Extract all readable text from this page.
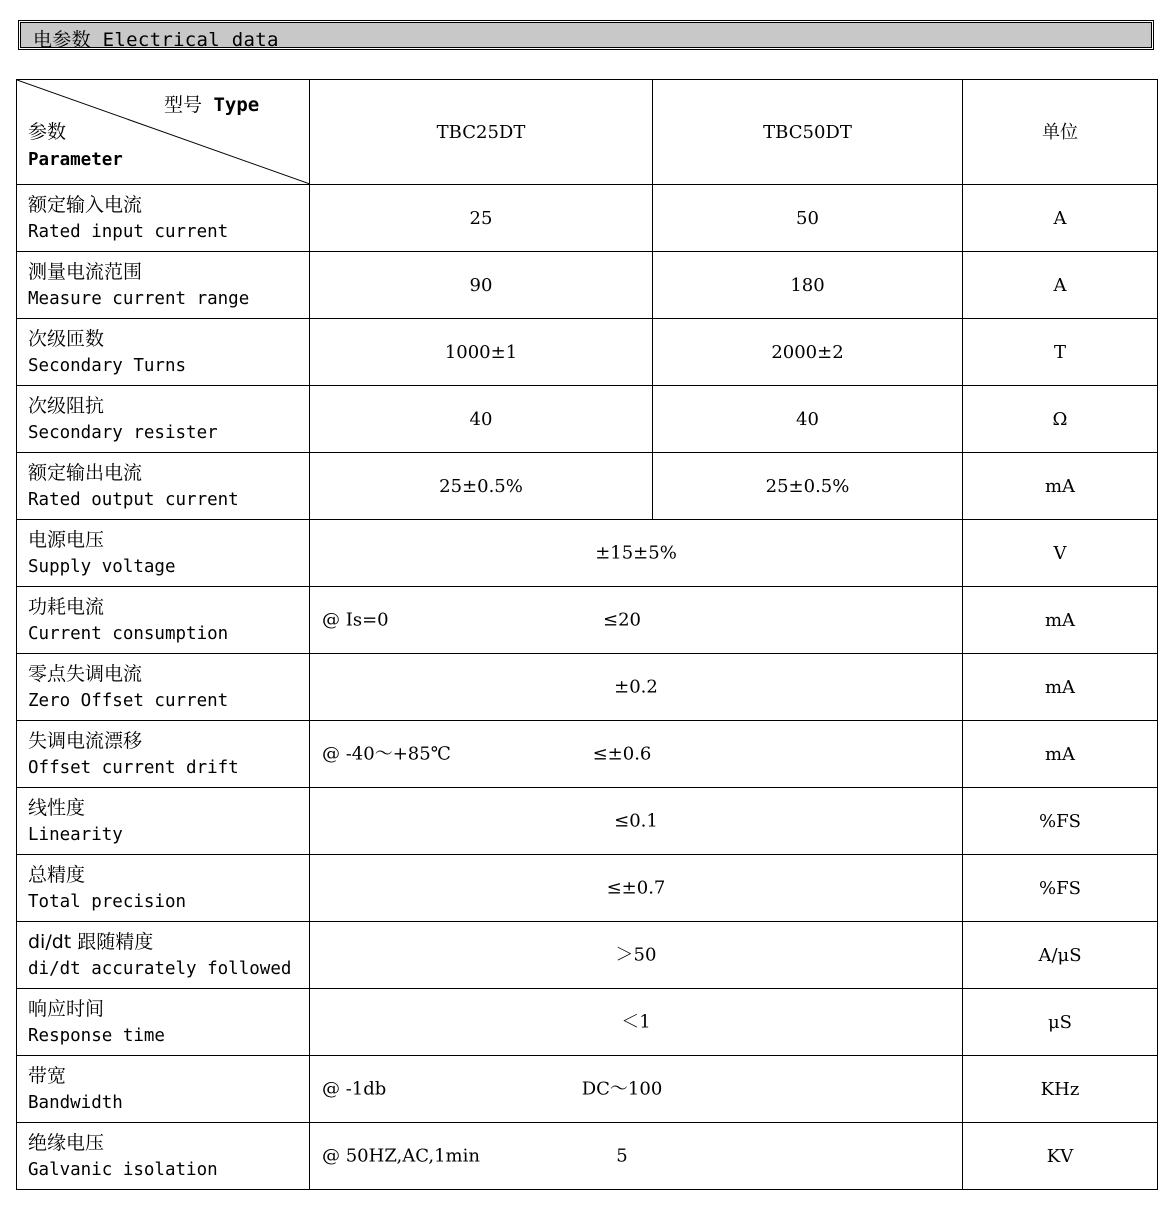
电参数 Electrical data
型号 Type
参数
Parameter	TBC25DT	TBC50DT	单位

额定输入电流
Rated input current	25	50	A

测量电流范围
Measure current range	90	180	A

次级匝数
Secondary Turns	1000±1	2000±2	T

次级阻抗
Secondary resister	40	40	Ω

额定输出电流
Rated output current	25±0.5%	25±0.5%	mA

电源电压
Supply voltage	±15±5%		V

功耗电流
Current consumption	@ Is=0 ≤20		mA

零点失调电流
Zero Offset current	±0.2		mA

失调电流漂移
Offset current drift	@ -40～+85℃ ≤±0.6		mA

线性度
Linearity	≤0.1		%FS

总精度
Total precision	≤±0.7		%FS

di/dt 跟随精度
di/dt accurately followed	＞50		A/μS

响应时间
Response time	＜1		μS

带宽
Bandwidth	@ -1db DC～100		KHz

绝缘电压
Galvanic isolation	@ 50HZ,AC,1min 5		KV
